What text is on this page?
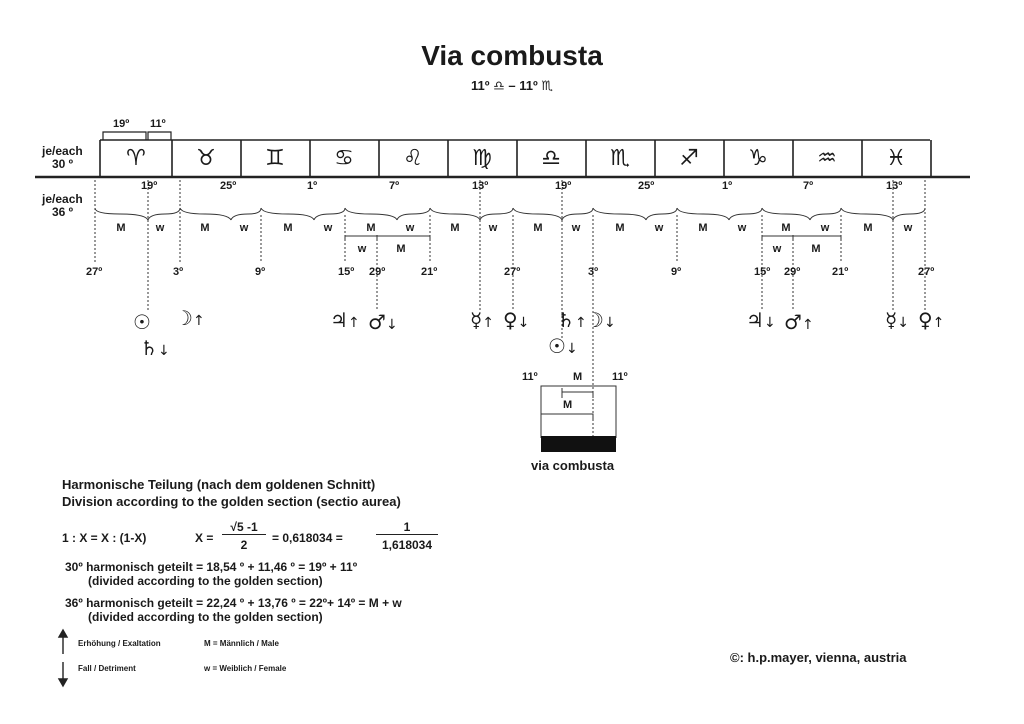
Via combusta
11º ♎ – 11º ♏
je/each
30 º
je/each
36 º
19º 11º
♈	♉	♊	♋	♌	♍	♎	♏	♐	♑	♒	♓
19º	25º	1º	7º	13º	19º	25º	1º	7º	13º
M	w	M	w	M	w	M	w	M	w	M	w	M	w	M	w	M	w	M	w
w	M	w	M
27º	3º	9º	15º 29º	21º	27º	3º	9º	15º 29º	21º	27º
☉ ☽↑
♄↓
♃↑ ♂↓	☿↑ ♀↓ ♄↑ ☽↓
☉↓
♃↓ ♂↑	☿↓ ♀↑
11º	11º
M
M
via combusta
Harmonische Teilung (nach dem goldenen Schnitt)
Division according to the golden section (sectio aurea)
1 : X = X : (1-X)	X =
√5 -1
2	= 0,618034 =
1
1,618034
30º harmonisch geteilt = 18,54 º + 11,46 º = 19º + 11º
(divided according to the golden section)
36º harmonisch geteilt = 22,24 º + 13,76 º = 22º+ 14º = M + w
(divided according to the golden section)
Erhöhung / Exaltation
Fall / Detriment
M = Männlich / Male
w = Weiblich / Female
©: h.p.mayer, vienna, austria
